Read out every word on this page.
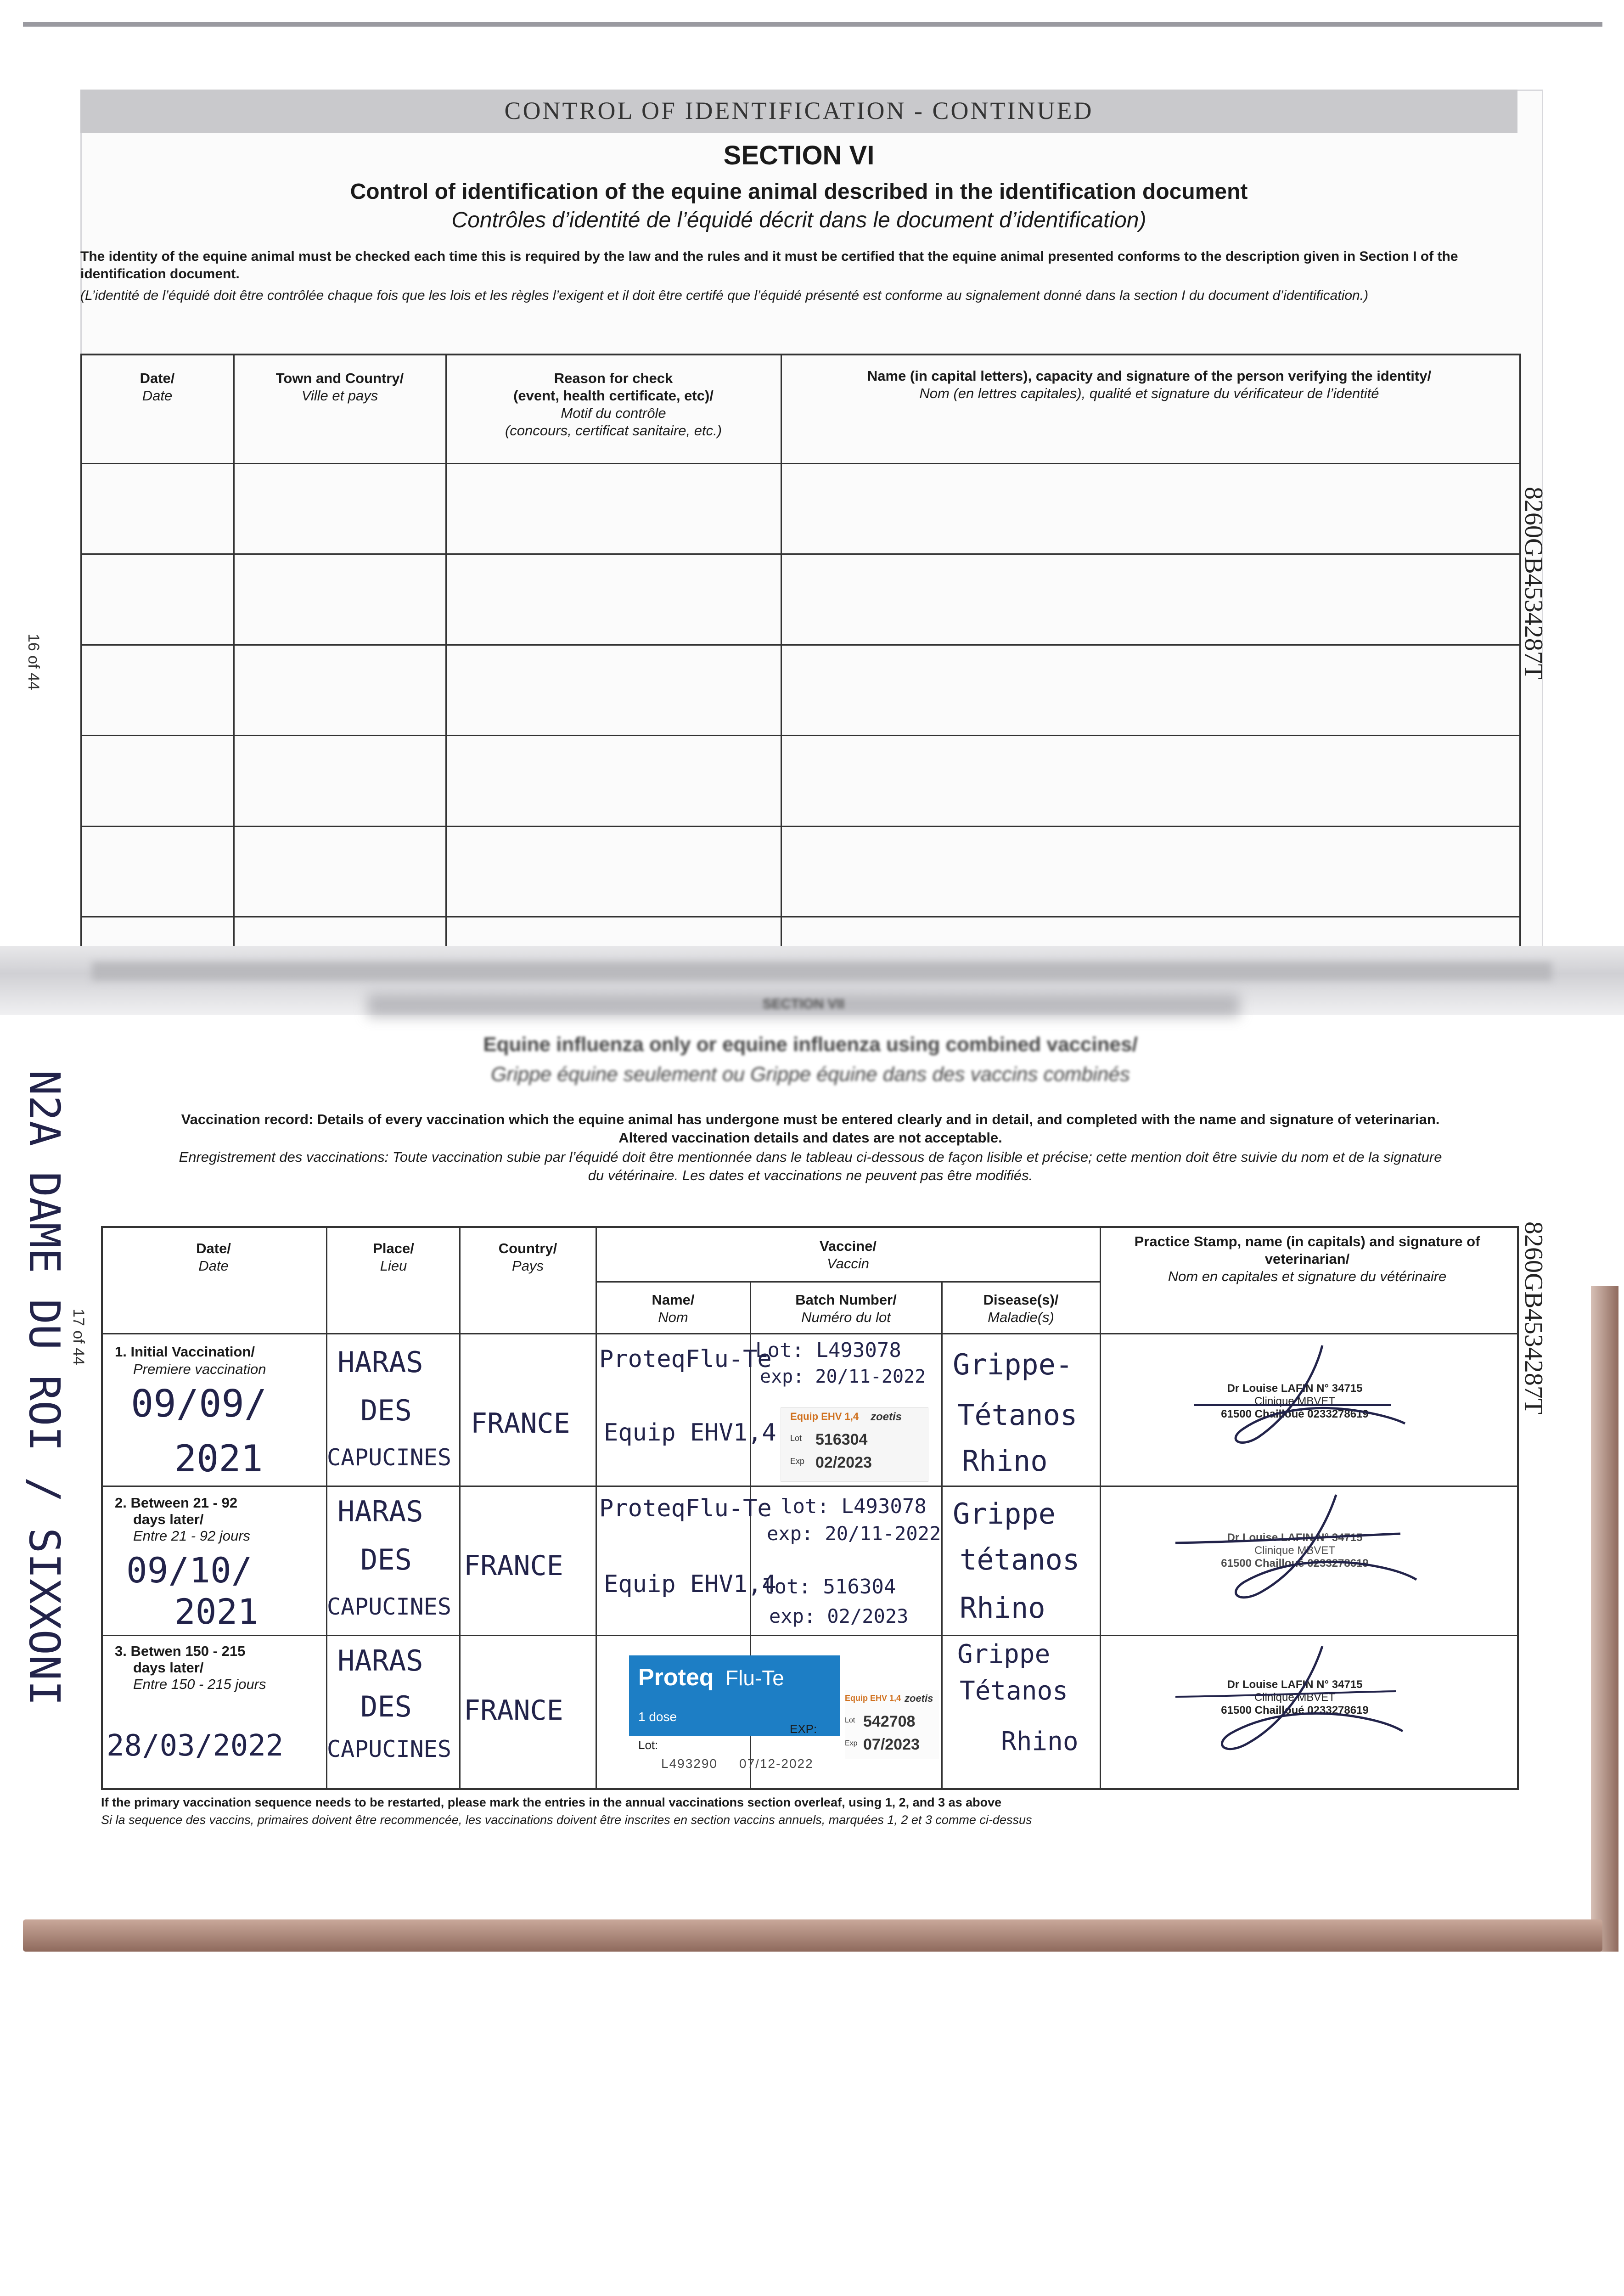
CONTROL OF IDENTIFICATION - CONTINUED
SECTION VI
Control of identification of the equine animal described in the identification document
Contrôles d’identité de l’équidé décrit dans le document d’identification)
The identity of the equine animal must be checked each time this is required by the law and the rules and it must be certified that the equine animal presented conforms to the description given in Section I of the identification document.
(L’identité de l’équidé doit être contrôlée chaque fois que les lois et les règles l’exigent et il doit être certifé que l’équidé présenté est conforme au signalement donné dans la section I du document d’identification.)
Date/
Date
Town and Country/
Ville et pays
Reason for check
(event, health certificate, etc)/
Motif du contrôle
(concours, certificat sanitaire, etc.)
Name (in capital letters), capacity and signature of the person verifying the identity/
Nom (en lettres capitales), qualité et signature du vérificateur de l’identité
8260GB4534287T
16 of 44
Equine influenza only or equine influenza using combined vaccines/
Grippe équine seulement ou Grippe équine dans des vaccins combinés
SECTION VII
Vaccination record: Details of every vaccination which the equine animal has undergone must be entered clearly and in detail, and completed with the name and signature of veterinarian.
Altered vaccination details and dates are not acceptable.
Enregistrement des vaccinations: Toute vaccination subie par l’équidé doit être mentionnée dans le tableau ci-dessous de façon lisible et précise; cette mention doit être suivie du nom et de la signature
du vétérinaire. Les dates et vaccinations ne peuvent pas être modifiés.
N2A DAME DU ROI / SIXXONI 17 of 44	8260GB4534287T
Date/
Date
Place/
Lieu
Country/
Pays
Vaccine/
Vaccin
Name/
Nom
Batch Number/
Numéro du lot
Disease(s)/
Maladie(s)
Practice Stamp, name (in capitals) and signature of
veterinarian/
Nom en capitales et signature du vétérinaire
1. Initial Vaccination/
Premiere vaccination
09/09/
2021
HARAS
DES
CAPUCINES
FRANCE
ProteqFlu-Te
Equip EHV1,4
Lot: L493078
exp: 20/11-2022
Equip EHV 1,4 zoetis
Lot 516304
Exp 02/2023
Grippe-
Tétanos
Rhino
Dr Louise LAFIN N° 34715
Clinique MBVET
61500 Chailloué 0233278619
2. Between 21 - 92
days later/
Entre 21 - 92 jours
09/10/
2021
HARAS
DES
CAPUCINES
FRANCE
ProteqFlu-Te
Equip EHV1,4
lot: L493078
exp: 20/11-2022
lot: 516304
exp: 02/2023
Grippe
tétanos
Rhino
Dr Louise LAFIN N° 34715
Clinique MBVET
61500 Chailloué 0233278619
3. Betwen 150 - 215
days later/
Entre 150 - 215 jours
28/03/2022
HARAS
DES
CAPUCINES
FRANCE
Proteq Flu-Te
1 dose
Lot:
EXP:
L493290 07/12-2022
Equip EHV 1,4 zoetis
Lot 542708
Exp 07/2023
Grippe
Tétanos
Rhino
Dr Louise LAFIN N° 34715
Clinique MBVET
61500 Chailloué 0233278619
If the primary vaccination sequence needs to be restarted, please mark the entries in the annual vaccinations section overleaf, using 1, 2, and 3 as above
Si la sequence des vaccins, primaires doivent être recommencée, les vaccinations doivent être inscrites en section vaccins annuels, marquées 1, 2 et 3 comme ci-dessus
